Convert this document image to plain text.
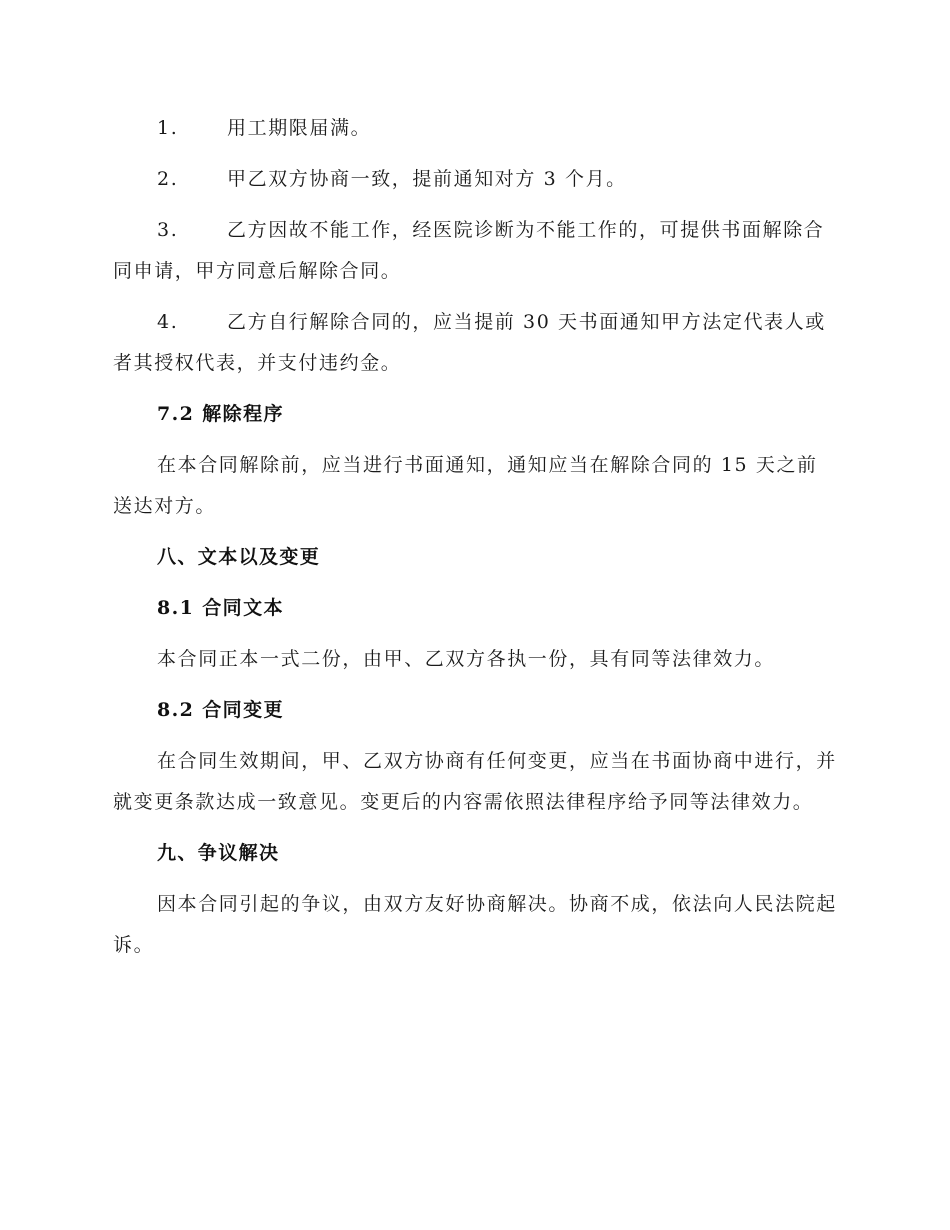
1.	用工期限届满。
2.	甲乙双方协商一致，提前通知对方 3 个月。
3.	乙方因故不能工作，经医院诊断为不能工作的，可提供书面解除合同申请，甲方同意后解除合同。
4.	乙方自行解除合同的，应当提前 30 天书面通知甲方法定代表人或者其授权代表，并支付违约金。
7.2 解除程序

在本合同解除前，应当进行书面通知，通知应当在解除合同的 15 天之前送达对方。

八、文本以及变更
8.1 合同文本

本合同正本一式二份，由甲、乙双方各执一份，具有同等法律效力。

8.2 合同变更

在合同生效期间，甲、乙双方协商有任何变更，应当在书面协商中进行，并就变更条款达成一致意见。变更后的内容需依照法律程序给予同等法律效力。

九、争议解决

因本合同引起的争议，由双方友好协商解决。协商不成，依法向人民法院起诉。
